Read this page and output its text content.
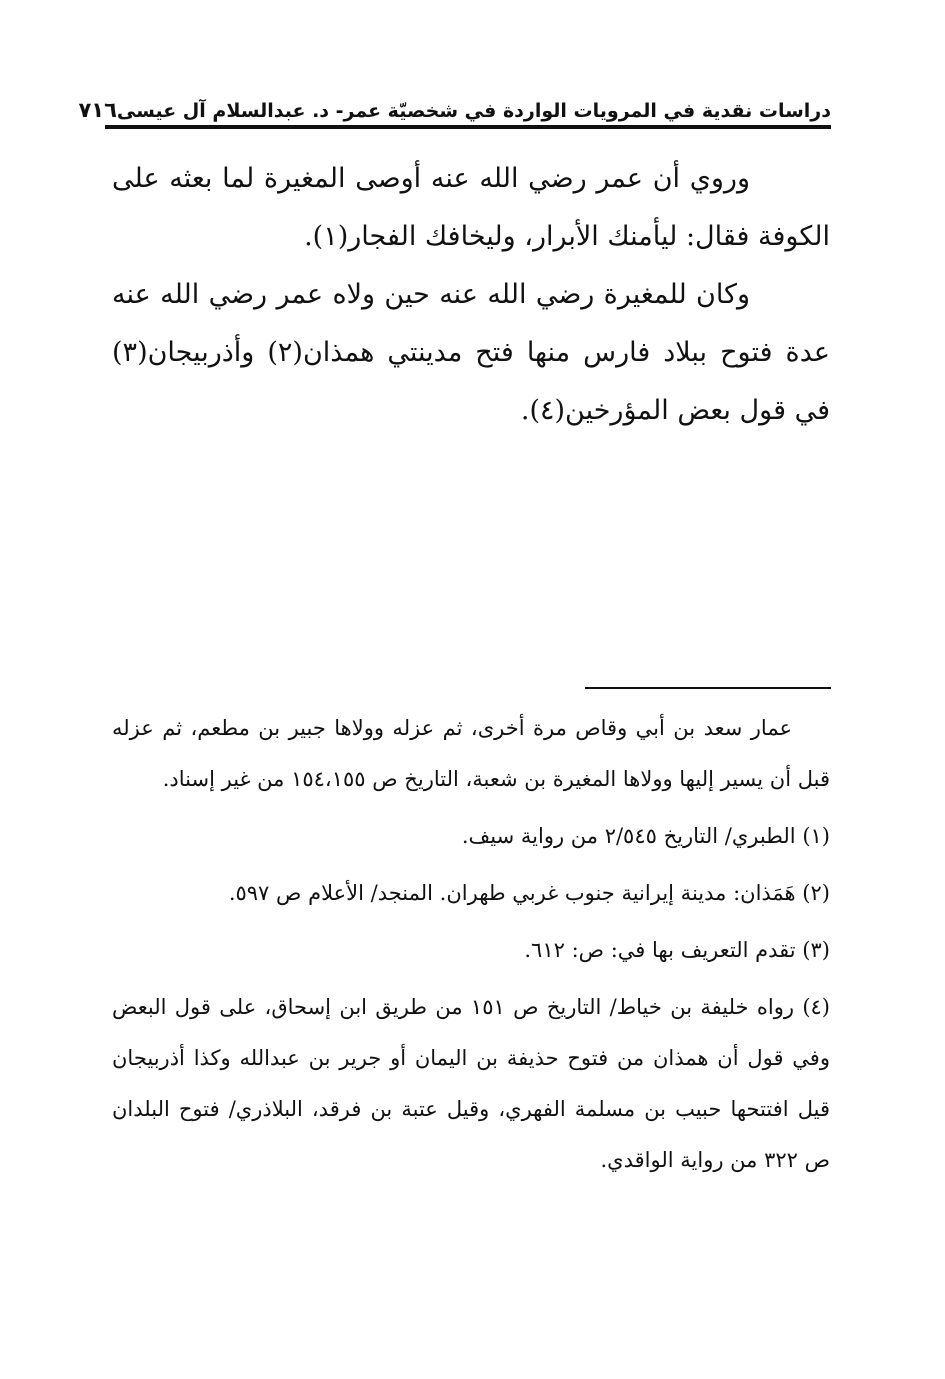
دراسات نقدية في المرويات الواردة في شخصيّة عمر- د. عبدالسلام آل عيسى
٧١٦

وروي أن عمر رضي الله عنه أوصى المغيرة لما بعثه على الكوفة فقال: ليأمنك الأبرار، وليخافك الفجار(١).

وكان للمغيرة رضي الله عنه حين ولاه عمر رضي الله عنه عدة فتوح ببلاد فارس منها فتح مدينتي همذان(٢) وأذربيجان(٣) في قول بعض المؤرخين(٤).

عمار سعد بن أبي وقاص مرة أخرى، ثم عزله وولاها جبير بن مطعم، ثم عزله قبل أن يسير إليها وولاها المغيرة بن شعبة، التاريخ ص ١٥٤،١٥٥ من غير إسناد.

(١) الطبري/ التاريخ ٢/٥٤٥ من رواية سيف.

(٢) هَمَذان: مدينة إيرانية جنوب غربي طهران. المنجد/ الأعلام ص ٥٩٧.

(٣) تقدم التعريف بها في: ص: ٦١٢.

(٤) رواه خليفة بن خياط/ التاريخ ص ١٥١ من طريق ابن إسحاق، على قول البعض وفي قول أن همذان من فتوح حذيفة بن اليمان أو جرير بن عبدالله وكذا أذربيجان قيل افتتحها حبيب بن مسلمة الفهري، وقيل عتبة بن فرقد، البلاذري/ فتوح البلدان ص ٣٢٢ من رواية الواقدي.
